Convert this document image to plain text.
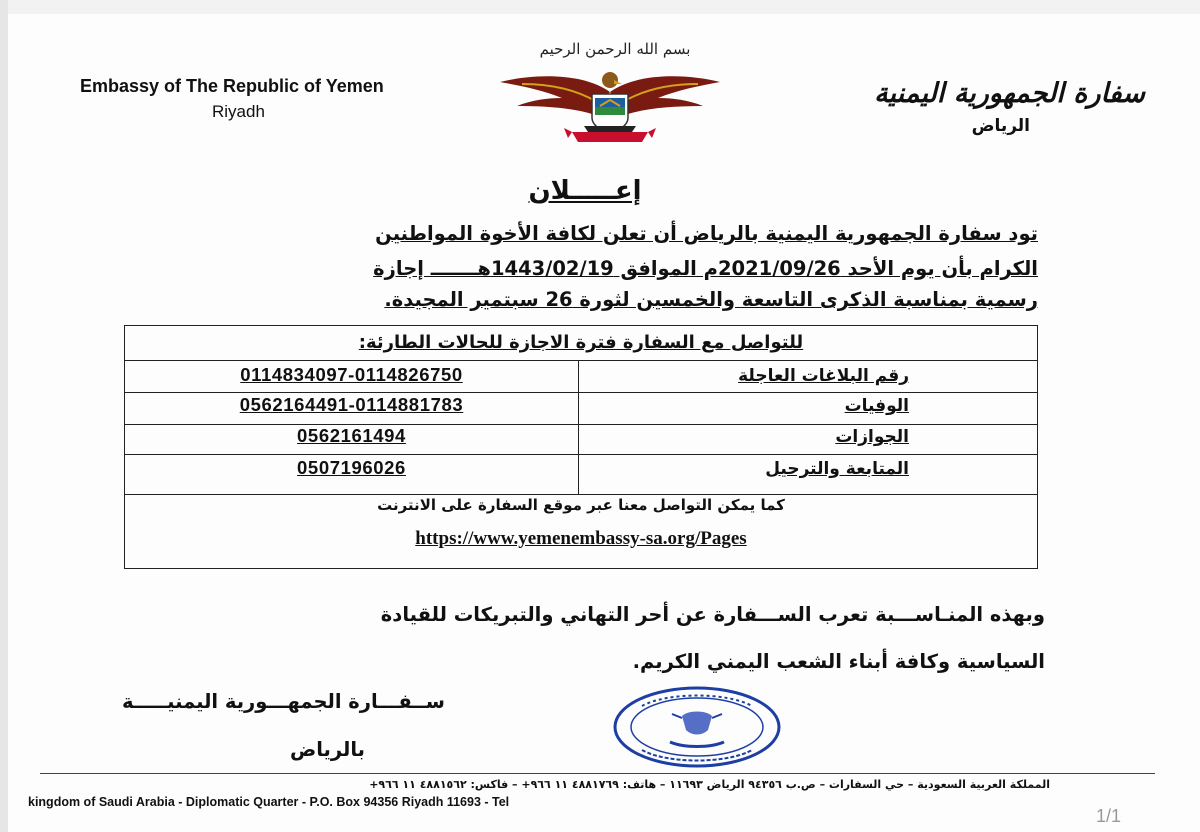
بسم الله الرحمن الرحيم
Embassy of The Republic of Yemen
Riyadh
سفارة الجمهورية اليمنية
الرياض
إعـــــلان
تود سفارة الجمهورية اليمنية بالرياض أن تعلن لكافة الأخوة المواطنين
الكرام بأن يوم الأحد 2021/09/26م الموافق 1443/02/19هـــــــ إجازة
رسمية بمناسبة الذكرى التاسعة والخمسين لثورة 26 سبتمير المجيدة.
للتواصل مع السفارة فترة الاجازة للحالات الطارئة:
رقم البلاغات العاجلة
0114834097-0114826750
الوفيات
0562164491-0114881783
الجوازات
0562161494
المتابعة والترحيل
0507196026
كما يمكن التواصل معنا عبر موقع السفارة على الانترنت
https://www.yemenembassy-sa.org/Pages
وبهذه المنـاســـبة تعرب الســـفارة عن أحر التهاني والتبريكات للقيادة
السياسية وكافة أبناء الشعب اليمني الكريم.
ســفـــارة الجمهـــورية اليمنيـــــة
بالرياض
المملكة العربية السعودية – حي السفارات – ص.ب ٩٤٣٥٦ الرياض ١١٦٩٣ – هاتف: ٤٨٨١٧٦٩ ١١ ٩٦٦+ – فاكس: ٤٨٨١٥٦٢ ١١ ٩٦٦+
kingdom of Saudi Arabia - Diplomatic Quarter - P.O. Box 94356 Riyadh 11693 - Tel
1/1
